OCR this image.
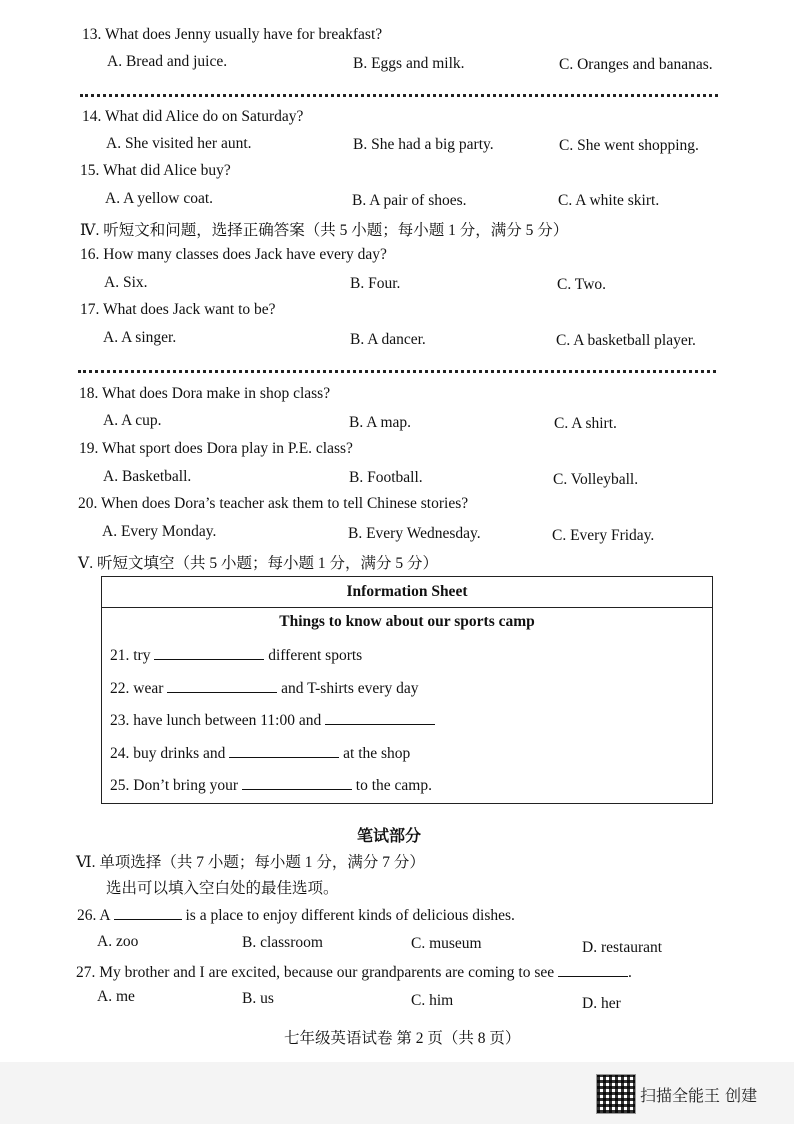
13. What does Jenny usually have for breakfast?
A. Bread and juice.	B. Eggs and milk.	C. Oranges and bananas.
14. What did Alice do on Saturday?
A. She visited her aunt.	B. She had a big party.	C. She went shopping.
15. What did Alice buy?
A. A yellow coat.	B. A pair of shoes.	C. A white skirt.
Ⅳ. 听短文和问题，选择正确答案（共 5 小题；每小题 1 分，满分 5 分）
16. How many classes does Jack have every day?
A. Six.	B. Four.	C. Two.
17. What does Jack want to be?
A. A singer.	B. A dancer.	C. A basketball player.
18. What does Dora make in shop class?
A. A cup.	B. A map.	C. A shirt.
19. What sport does Dora play in P.E. class?
A. Basketball.	B. Football.	C. Volleyball.
20. When does Dora’s teacher ask them to tell Chinese stories?
A. Every Monday.	B. Every Wednesday.	C. Every Friday.
Ⅴ. 听短文填空（共 5 小题；每小题 1 分，满分 5 分）
Information Sheet
Things to know about our sports camp
21. try	different sports
22. wear	and T-shirts every day
23. have lunch between 11:00 and
24. buy drinks and	at the shop
25. Don’t bring your	to the camp.
笔试部分
Ⅵ. 单项选择（共 7 小题；每小题 1 分，满分 7 分）
选出可以填入空白处的最佳选项。
26. A	is a place to enjoy different kinds of delicious dishes.
A. zoo	B. classroom	C. museum	D. restaurant
27. My brother and I are excited, because our grandparents are coming to see	.
A. me	B. us	C. him	D. her
七年级英语试卷 第 2 页（共 8 页）
扫描全能王 创建
